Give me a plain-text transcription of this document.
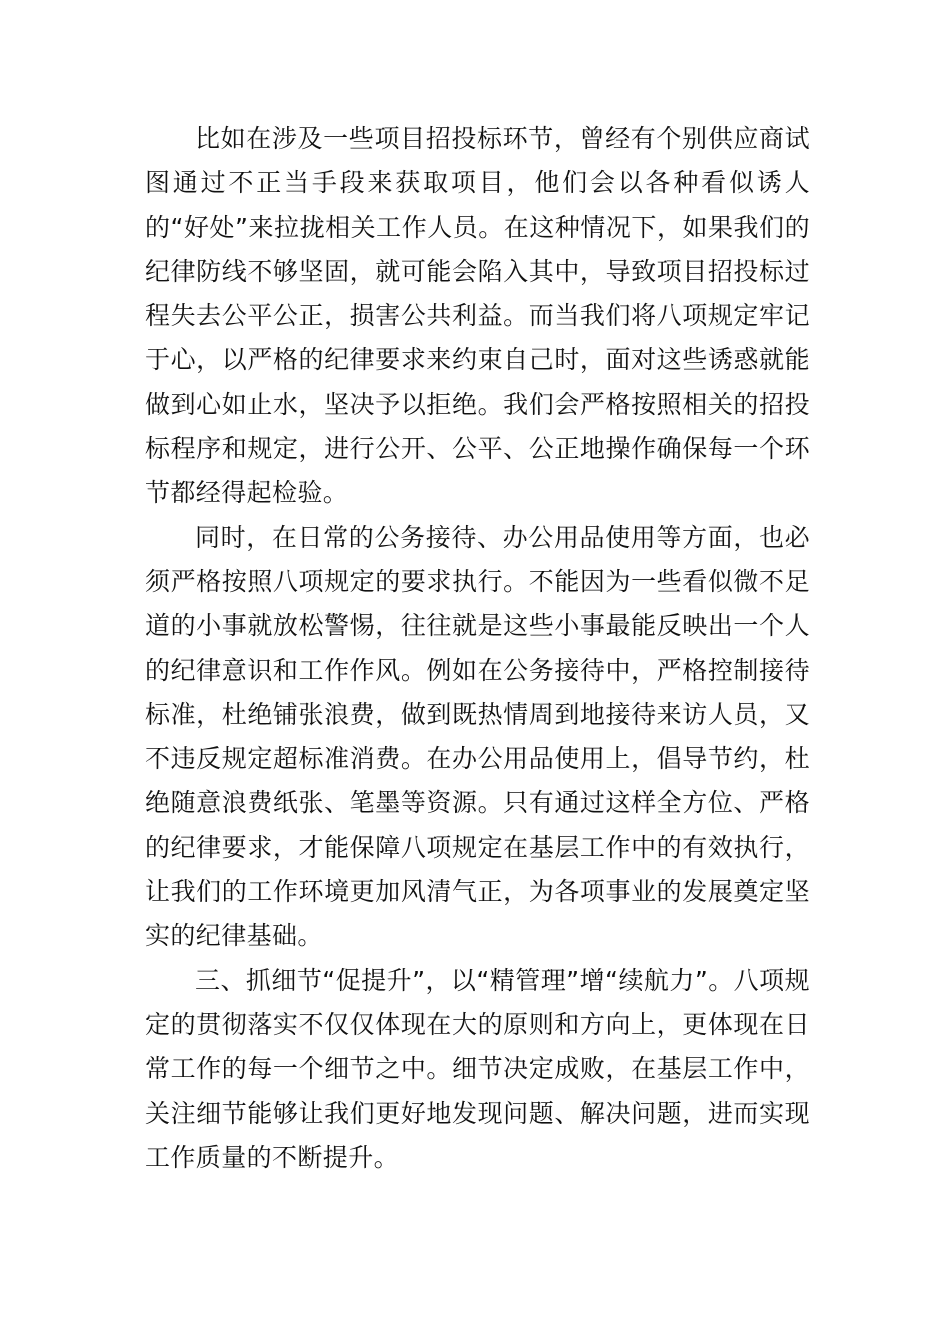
比如在涉及一些项目招投标环节，曾经有个别供应商试图通过不正当手段来获取项目，他们会以各种看似诱人的“好处”来拉拢相关工作人员。在这种情况下，如果我们的纪律防线不够坚固，就可能会陷入其中，导致项目招投标过程失去公平公正，损害公共利益。而当我们将八项规定牢记于心，以严格的纪律要求来约束自己时，面对这些诱惑就能做到心如止水，坚决予以拒绝。我们会严格按照相关的招投标程序和规定，进行公开、公平、公正地操作确保每一个环节都经得起检验。

同时，在日常的公务接待、办公用品使用等方面，也必须严格按照八项规定的要求执行。不能因为一些看似微不足道的小事就放松警惕，往往就是这些小事最能反映出一个人的纪律意识和工作作风。例如在公务接待中，严格控制接待标准，杜绝铺张浪费，做到既热情周到地接待来访人员，又不违反规定超标准消费。在办公用品使用上，倡导节约，杜绝随意浪费纸张、笔墨等资源。只有通过这样全方位、严格的纪律要求，才能保障八项规定在基层工作中的有效执行，让我们的工作环境更加风清气正，为各项事业的发展奠定坚实的纪律基础。

三、抓细节“促提升”，以“精管理”增“续航力”。八项规定的贯彻落实不仅仅体现在大的原则和方向上，更体现在日常工作的每一个细节之中。细节决定成败，在基层工作中，关注细节能够让我们更好地发现问题、解决问题，进而实现工作质量的不断提升。
